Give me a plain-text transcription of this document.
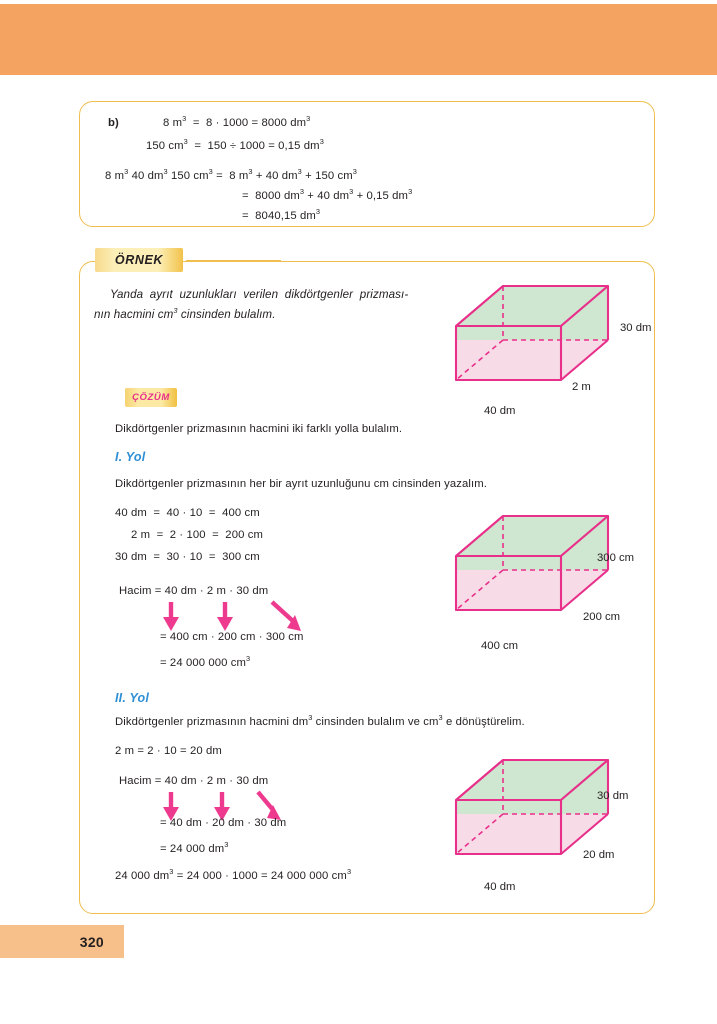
320
b)	8 $m^3 = 8 \cdot 1000 = 8000$ $dm^3$
150 $cm^3 = 150 \div 1000 = 0,15$ $dm^3$
8 $m^3$ 40 $dm^3$ 150 $cm^3 = 8$ $m^3 + 40$ $dm^3 + 150$ $cm^3$
=  8000 $dm^3 + 40$ $dm^3 + 0,15$ $dm^3$
=  8040,15 $dm^3$
ÖRNEK
Yanda  ayrıt  uzunlukları  verilen  dikdörtgenler  prizması-
nın hacmini $cm^3$ cinsinden bulalım.
30 dm
2 m
40 dm
ÇÖZÜM
Dikdörtgenler prizmasının hacmini iki farklı yolla bulalım.
I. Yol
Dikdörtgenler prizmasının her bir ayrıt uzunluğunu cm cinsinden yazalım.
40 dm  =  40 · 10  =  400 cm
2 m  =  2 · 100  =  200 cm
30 dm  =  30 · 10  =  300 cm
Hacim = 40 dm · 2 m · 30 dm
= 400 cm · 200 cm · 300 cm
= 24 000 000 $cm^3$
300 cm
200 cm
400 cm
II. Yol
Dikdörtgenler prizmasının hacmini $dm^3$ cinsinden bulalım ve $cm^3$ e dönüştürelim.
2 m = 2 · 10 = 20 dm
Hacim = 40 dm · 2 m · 30 dm
= 40 dm · 20 dm · 30 dm
= 24 000 $dm^3$
24 000 $dm^3 = 24$ 000 · 1000 = 24 000 000 $cm^3$
30 dm
20 dm
40 dm
